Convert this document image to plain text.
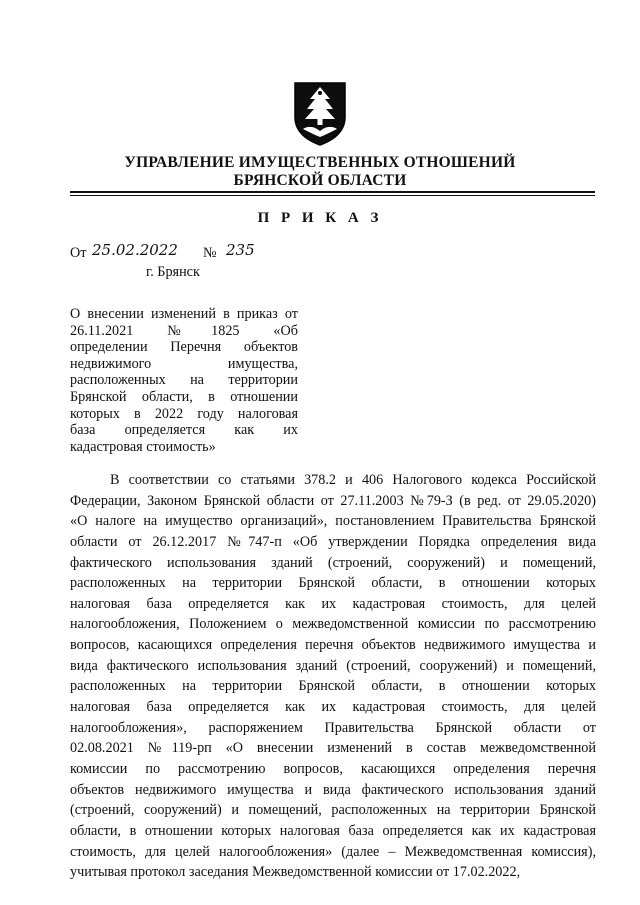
УПРАВЛЕНИЕ ИМУЩЕСТВЕННЫХ ОТНОШЕНИЙ
БРЯНСКОЙ ОБЛАСТИ
П Р И К А З
От 25.02.2022 № 235
г. Брянск
О внесении изменений в приказ от
26.11.2021 №1825 «Об
определении Перечня объектов
недвижимого имущества,
расположенных на территории
Брянской области, в отношении
которых в 2022 году налоговая
база определяется как их
кадастровая стоимость»
В соответствии со статьями 378.2 и 406 Налогового кодекса Российской
Федерации, Законом Брянской области от 27.11.2003 №79-З (в ред. от 29.05.2020)
«О налоге на имущество организаций», постановлением Правительства Брянской
области от 26.12.2017 №747-п «Об утверждении Порядка определения вида
фактического использования зданий (строений, сооружений) и помещений,
расположенных на территории Брянской области, в отношении которых
налоговая база определяется как их кадастровая стоимость, для целей
налогообложения, Положением о межведомственной комиссии по рассмотрению
вопросов, касающихся определения перечня объектов недвижимого имущества и
вида фактического использования зданий (строений, сооружений) и помещений,
расположенных на территории Брянской области, в отношении которых
налоговая база определяется как их кадастровая стоимость, для целей
налогообложения», распоряжением Правительства Брянской области от
02.08.2021 №119-рп «О внесении изменений в состав межведомственной
комиссии по рассмотрению вопросов, касающихся определения перечня
объектов недвижимого имущества и вида фактического использования зданий
(строений, сооружений) и помещений, расположенных на территории Брянской
области, в отношении которых налоговая база определяется как их кадастровая
стоимость, для целей налогообложения» (далее – Межведомственная комиссия),
учитывая протокол заседания Межведомственной комиссии от 17.02.2022,
